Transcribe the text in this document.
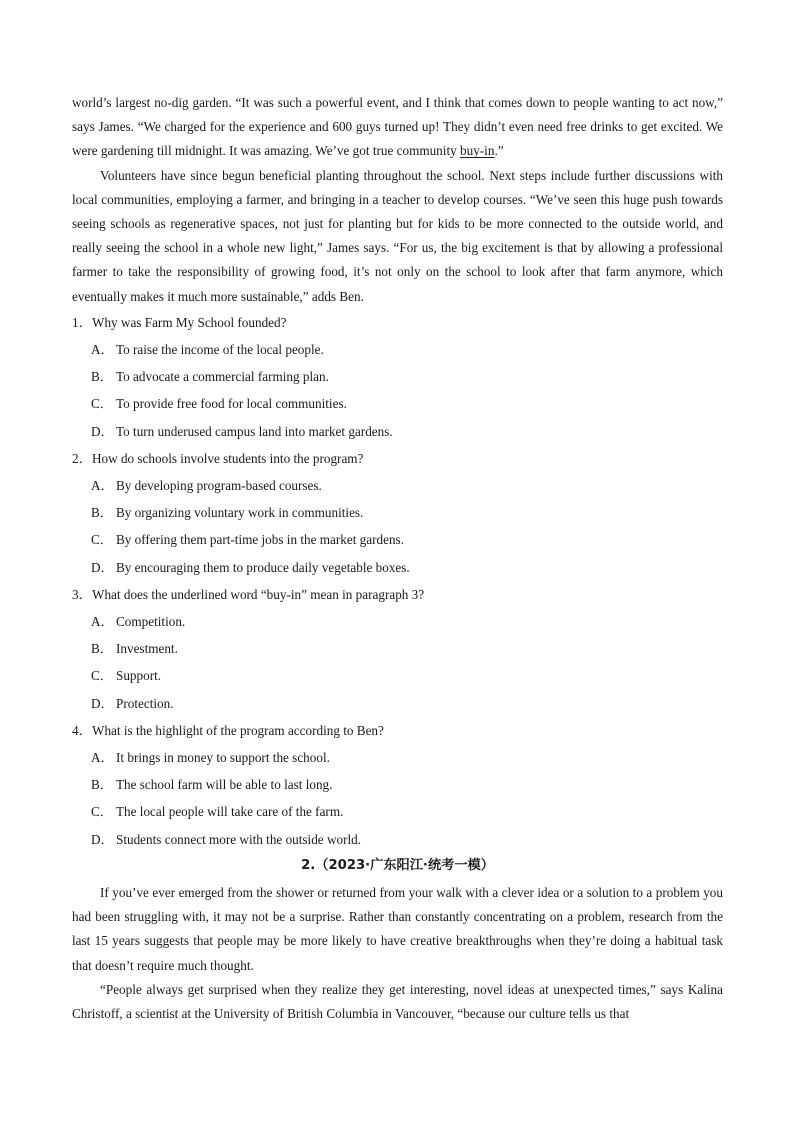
world’s largest no-dig garden. “It was such a powerful event, and I think that comes down to people wanting to act now,” says James. “We charged for the experience and 600 guys turned up! They didn’t even need free drinks to get excited. We were gardening till midnight. It was amazing. We’ve got true community buy-in.”

Volunteers have since begun beneficial planting throughout the school. Next steps include further discussions with local communities, employing a farmer, and bringing in a teacher to develop courses. “We’ve seen this huge push towards seeing schools as regenerative spaces, not just for planting but for kids to be more connected to the outside world, and really seeing the school in a whole new light,” James says. “For us, the big excitement is that by allowing a professional farmer to take the responsibility of growing food, it’s not only on the school to look after that farm anymore, which eventually makes it much more sustainable,” adds Ben.

1．Why was Farm My School founded?
A． To raise the income of the local people.
B． To advocate a commercial farming plan.
C． To provide free food for local communities.
D． To turn underused campus land into market gardens.
2．How do schools involve students into the program?
A． By developing program-based courses.
B． By organizing voluntary work in communities.
C． By offering them part-time jobs in the market gardens.
D． By encouraging them to produce daily vegetable boxes.
3．What does the underlined word “buy-in” mean in paragraph 3?
A． Competition.
B． Investment.
C． Support.
D． Protection.
4．What is the highlight of the program according to Ben?
A． It brings in money to support the school.
B． The school farm will be able to last long.
C． The local people will take care of the farm.
D． Students connect more with the outside world.
2.（2023·广东阳江·统考一模）

If you’ve ever emerged from the shower or returned from your walk with a clever idea or a solution to a problem you had been struggling with, it may not be a surprise. Rather than constantly concentrating on a problem, research from the last 15 years suggests that people may be more likely to have creative breakthroughs when they’re doing a habitual task that doesn’t require much thought.

“People always get surprised when they realize they get interesting, novel ideas at unexpected times,” says Kalina Christoff, a scientist at the University of British Columbia in Vancouver, “because our culture tells us that
